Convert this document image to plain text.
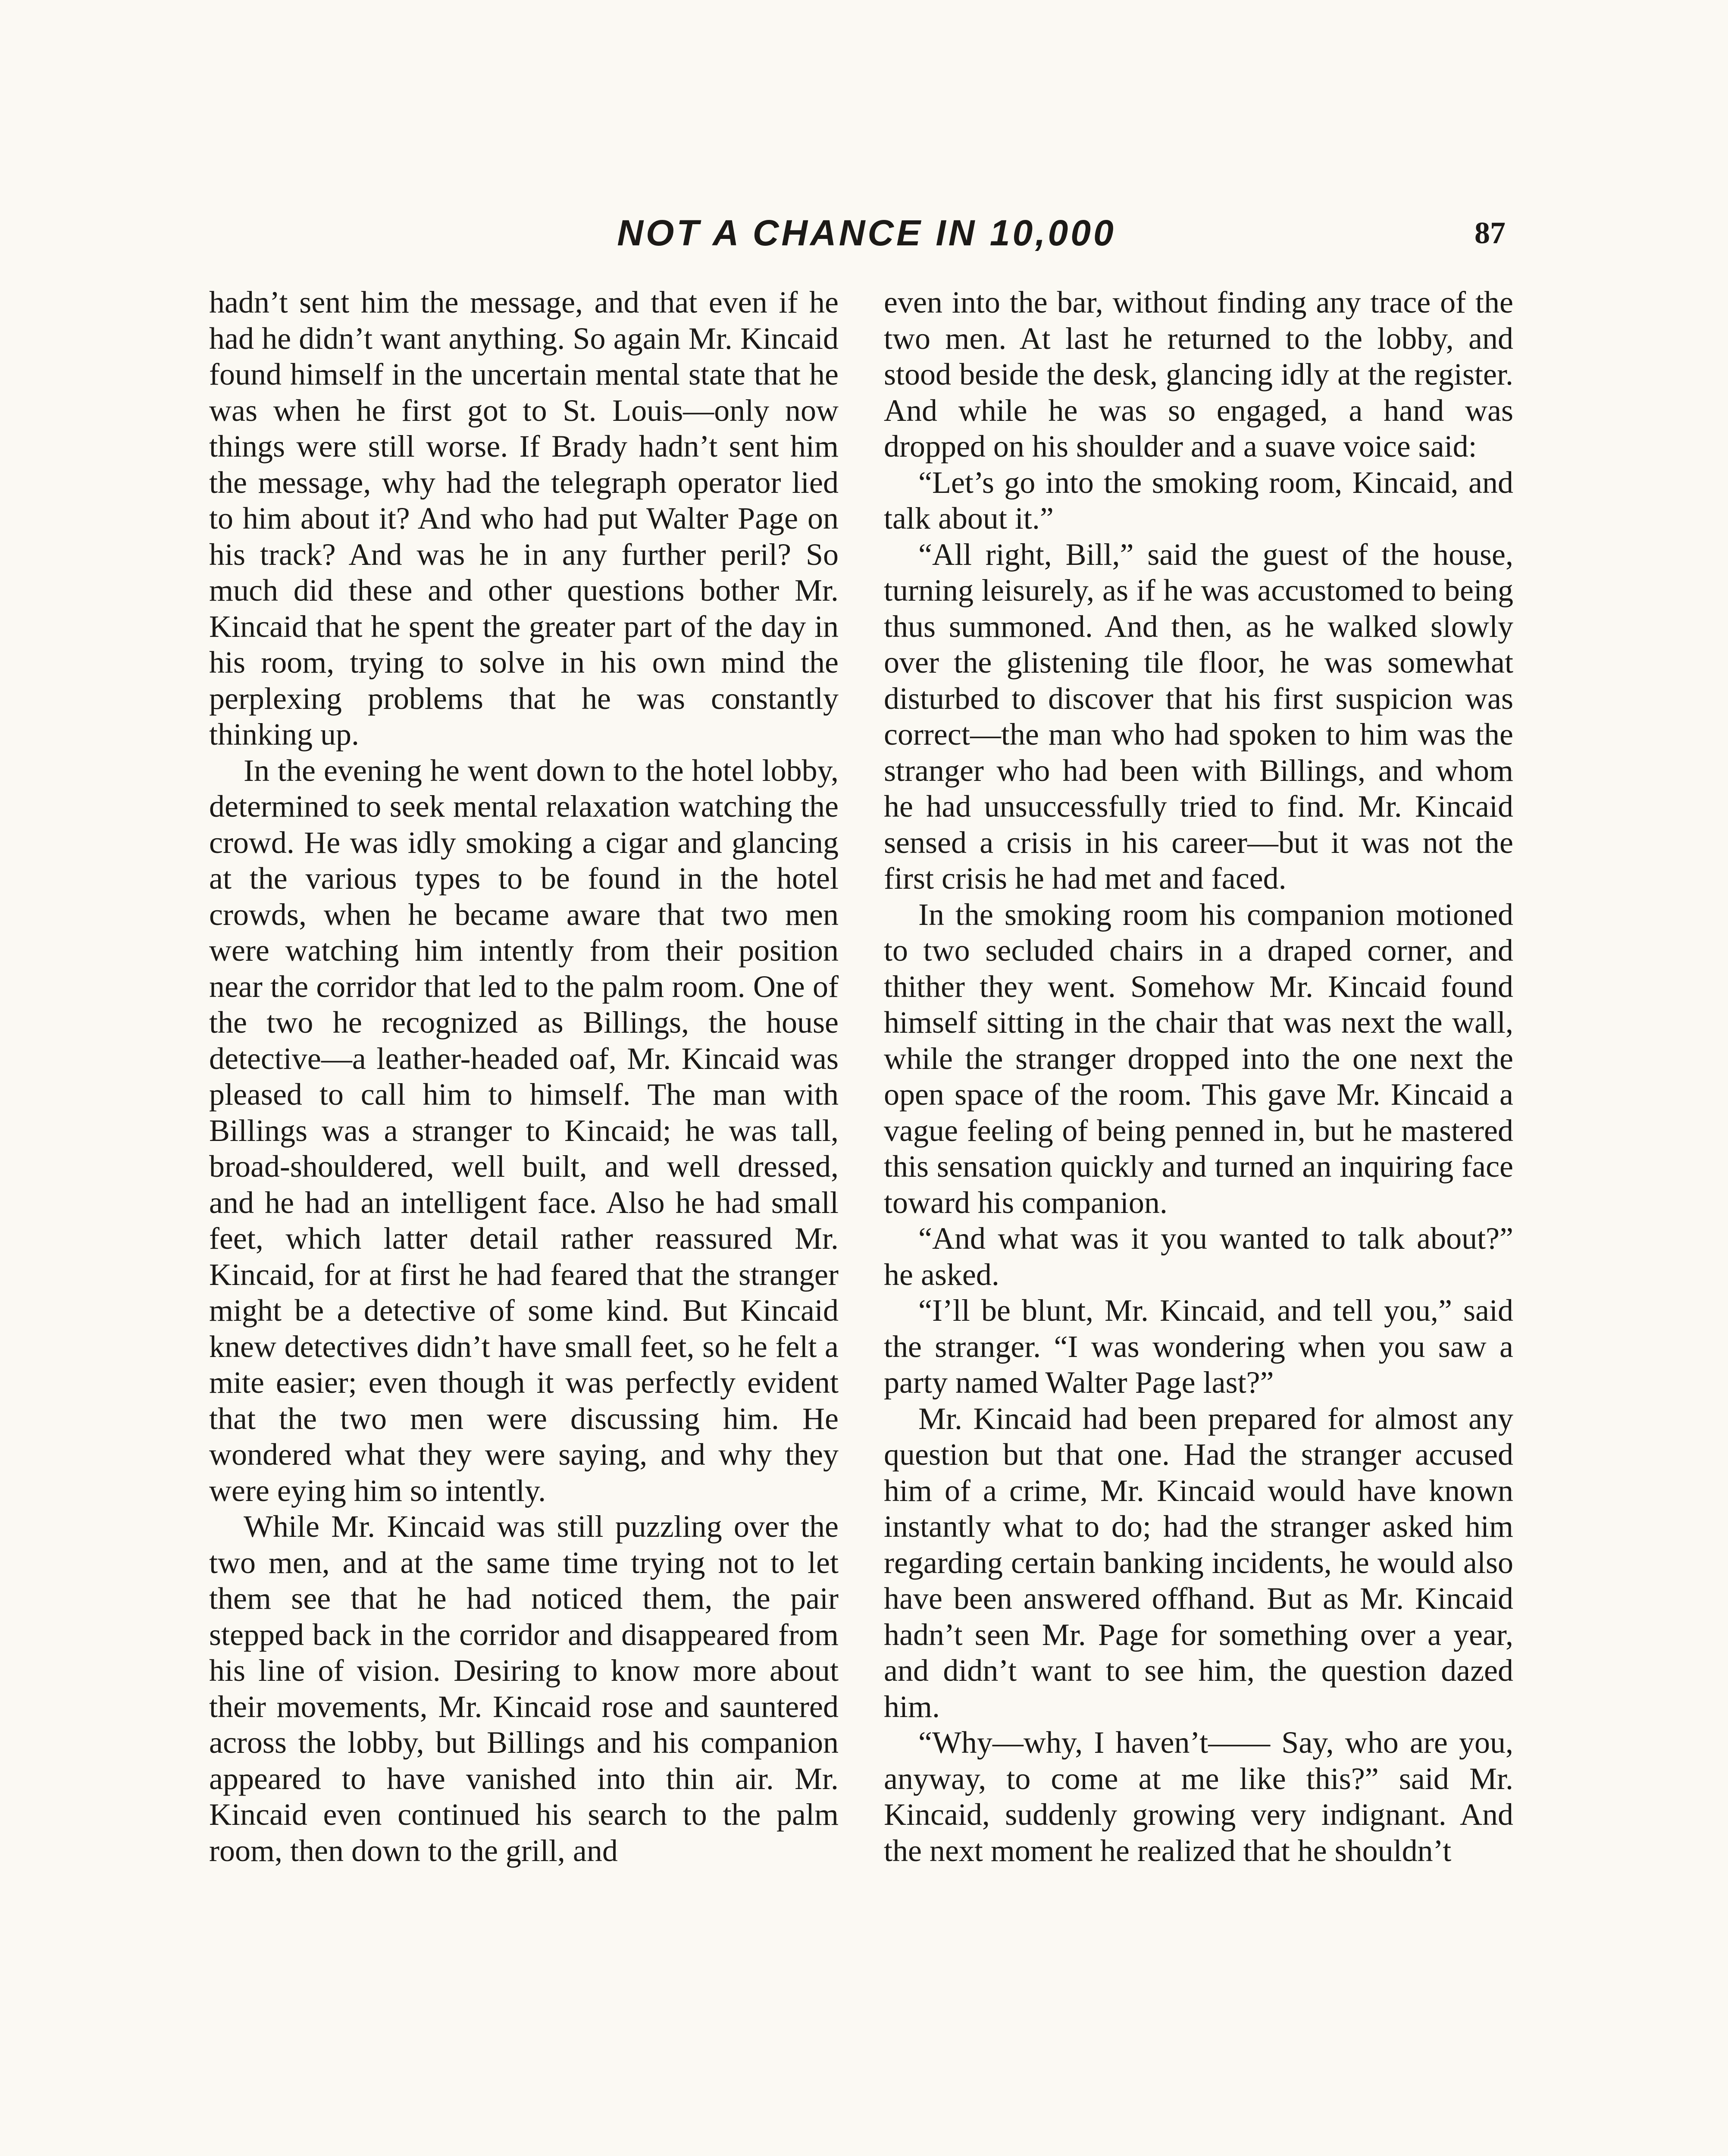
NOT A CHANCE IN 10,000	87

hadn’t sent him the message, and that even if he had he didn’t want anything. So again Mr. Kincaid found himself in the uncertain mental state that he was when he first got to St. Louis—only now things were still worse. If Brady hadn’t sent him the message, why had the telegraph operator lied to him about it? And who had put Walter Page on his track? And was he in any further peril? So much did these and other questions bother Mr. Kincaid that he spent the greater part of the day in his room, trying to solve in his own mind the perplexing problems that he was constantly thinking up.

In the evening he went down to the hotel lobby, determined to seek mental relaxation watching the crowd. He was idly smoking a cigar and glancing at the various types to be found in the hotel crowds, when he became aware that two men were watching him intently from their position near the corridor that led to the palm room. One of the two he recognized as Billings, the house detective—a leather-headed oaf, Mr. Kincaid was pleased to call him to himself. The man with Billings was a stranger to Kincaid; he was tall, broad-shouldered, well built, and well dressed, and he had an intelligent face. Also he had small feet, which latter detail rather reassured Mr. Kincaid, for at first he had feared that the stranger might be a detective of some kind. But Kincaid knew detectives didn’t have small feet, so he felt a mite easier; even though it was perfectly evident that the two men were discussing him. He wondered what they were saying, and why they were eying him so intently.

While Mr. Kincaid was still puzzling over the two men, and at the same time trying not to let them see that he had noticed them, the pair stepped back in the corridor and disappeared from his line of vision. Desiring to know more about their movements, Mr. Kincaid rose and sauntered across the lobby, but Billings and his companion appeared to have vanished into thin air. Mr. Kincaid even continued his search to the palm room, then down to the grill, and

even into the bar, without finding any trace of the two men. At last he returned to the lobby, and stood beside the desk, glancing idly at the register. And while he was so engaged, a hand was dropped on his shoulder and a suave voice said:

“Let’s go into the smoking room, Kincaid, and talk about it.”

“All right, Bill,” said the guest of the house, turning leisurely, as if he was accustomed to being thus summoned. And then, as he walked slowly over the glistening tile floor, he was somewhat disturbed to discover that his first suspicion was correct—the man who had spoken to him was the stranger who had been with Billings, and whom he had unsuccessfully tried to find. Mr. Kincaid sensed a crisis in his career—but it was not the first crisis he had met and faced.

In the smoking room his companion motioned to two secluded chairs in a draped corner, and thither they went. Somehow Mr. Kincaid found himself sitting in the chair that was next the wall, while the stranger dropped into the one next the open space of the room. This gave Mr. Kincaid a vague feeling of being penned in, but he mastered this sensation quickly and turned an inquiring face toward his companion.

“And what was it you wanted to talk about?” he asked.

“I’ll be blunt, Mr. Kincaid, and tell you,” said the stranger. “I was wondering when you saw a party named Walter Page last?”

Mr. Kincaid had been prepared for almost any question but that one. Had the stranger accused him of a crime, Mr. Kincaid would have known instantly what to do; had the stranger asked him regarding certain banking incidents, he would also have been answered offhand. But as Mr. Kincaid hadn’t seen Mr. Page for something over a year, and didn’t want to see him, the question dazed him.

“Why—why, I haven’t—— Say, who are you, anyway, to come at me like this?” said Mr. Kincaid, suddenly growing very indignant. And the next moment he realized that he shouldn’t
